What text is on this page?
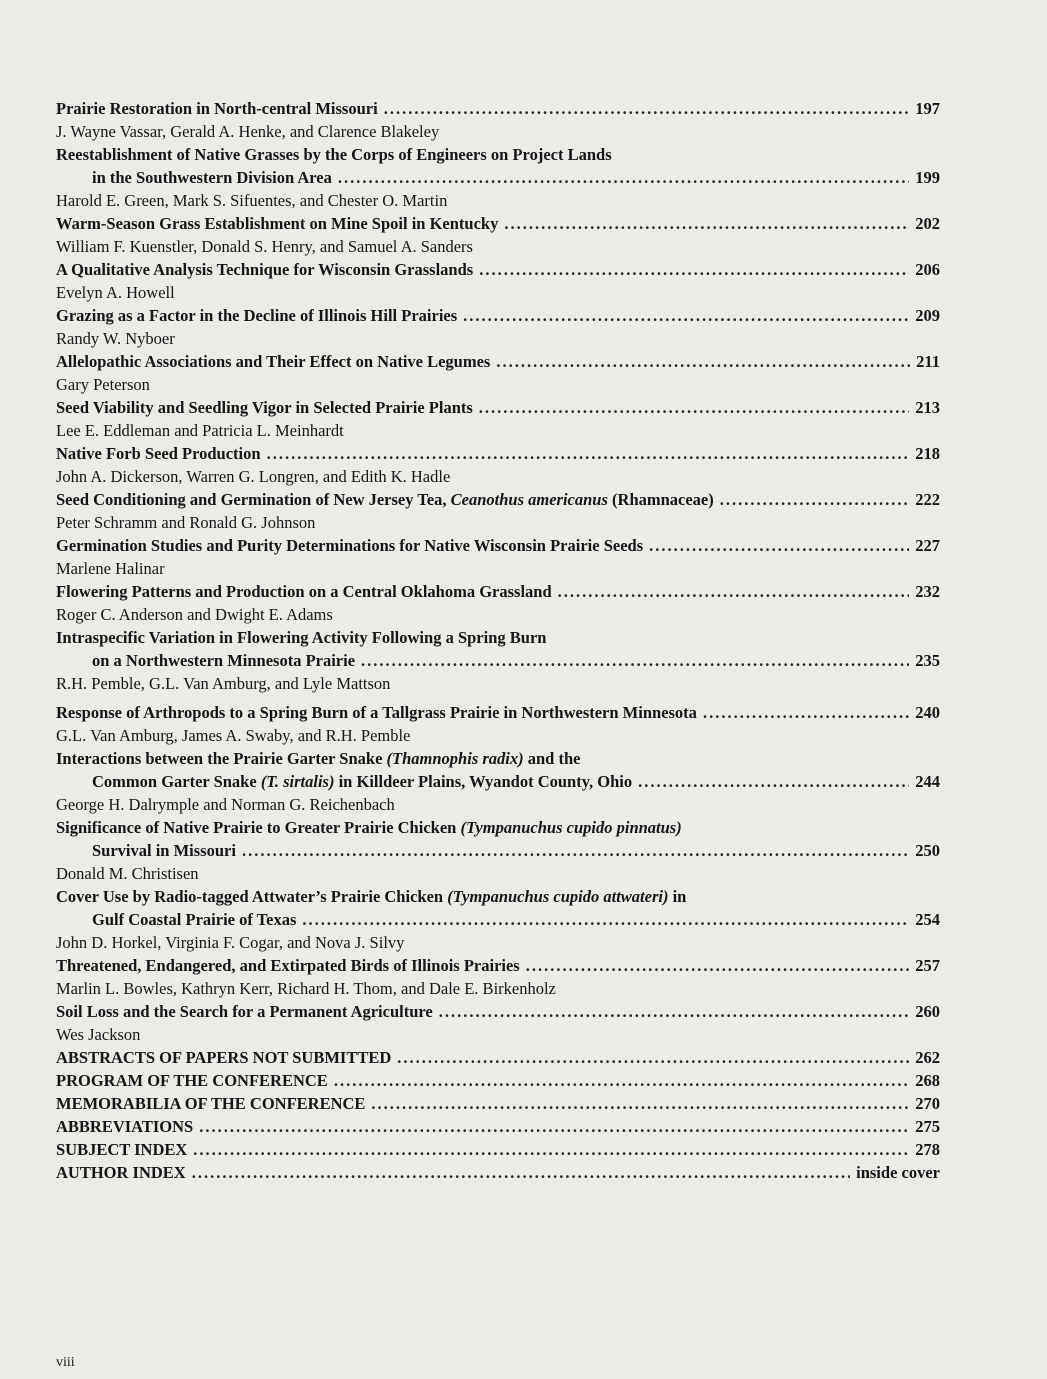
Prairie Restoration in North-central Missouri .....	197
J. Wayne Vassar, Gerald A. Henke, and Clarence Blakeley
Reestablishment of Native Grasses by the Corps of Engineers on Project Lands
in the Southwestern Division Area .....	199
Harold E. Green, Mark S. Sifuentes, and Chester O. Martin
Warm-Season Grass Establishment on Mine Spoil in Kentucky .....	202
William F. Kuenstler, Donald S. Henry, and Samuel A. Sanders
A Qualitative Analysis Technique for Wisconsin Grasslands .....	206
Evelyn A. Howell
Grazing as a Factor in the Decline of Illinois Hill Prairies .....	209
Randy W. Nyboer
Allelopathic Associations and Their Effect on Native Legumes .....	211
Gary Peterson
Seed Viability and Seedling Vigor in Selected Prairie Plants .....	213
Lee E. Eddleman and Patricia L. Meinhardt
Native Forb Seed Production .....	218
John A. Dickerson, Warren G. Longren, and Edith K. Hadle
Seed Conditioning and Germination of New Jersey Tea, Ceanothus americanus (Rhamnaceae) .....	222
Peter Schramm and Ronald G. Johnson
Germination Studies and Purity Determinations for Native Wisconsin Prairie Seeds .....	227
Marlene Halinar
Flowering Patterns and Production on a Central Oklahoma Grassland .....	232
Roger C. Anderson and Dwight E. Adams
Intraspecific Variation in Flowering Activity Following a Spring Burn
on a Northwestern Minnesota Prairie .....	235
R.H. Pemble, G.L. Van Amburg, and Lyle Mattson
Response of Arthropods to a Spring Burn of a Tallgrass Prairie in Northwestern Minnesota .....	240
G.L. Van Amburg, James A. Swaby, and R.H. Pemble
Interactions between the Prairie Garter Snake (Thamnophis radix) and the
Common Garter Snake (T. sirtalis) in Killdeer Plains, Wyandot County, Ohio .....	244
George H. Dalrymple and Norman G. Reichenbach
Significance of Native Prairie to Greater Prairie Chicken (Tympanuchus cupido pinnatus)
Survival in Missouri .....	250
Donald M. Christisen
Cover Use by Radio-tagged Attwater’s Prairie Chicken (Tympanuchus cupido attwateri) in
Gulf Coastal Prairie of Texas .....	254
John D. Horkel, Virginia F. Cogar, and Nova J. Silvy
Threatened, Endangered, and Extirpated Birds of Illinois Prairies .....	257
Marlin L. Bowles, Kathryn Kerr, Richard H. Thom, and Dale E. Birkenholz
Soil Loss and the Search for a Permanent Agriculture .....	260
Wes Jackson
ABSTRACTS OF PAPERS NOT SUBMITTED .....	262
PROGRAM OF THE CONFERENCE .....	268
MEMORABILIA OF THE CONFERENCE .....	270
ABBREVIATIONS .....	275
SUBJECT INDEX .....	278
AUTHOR INDEX .....	inside cover
viii
